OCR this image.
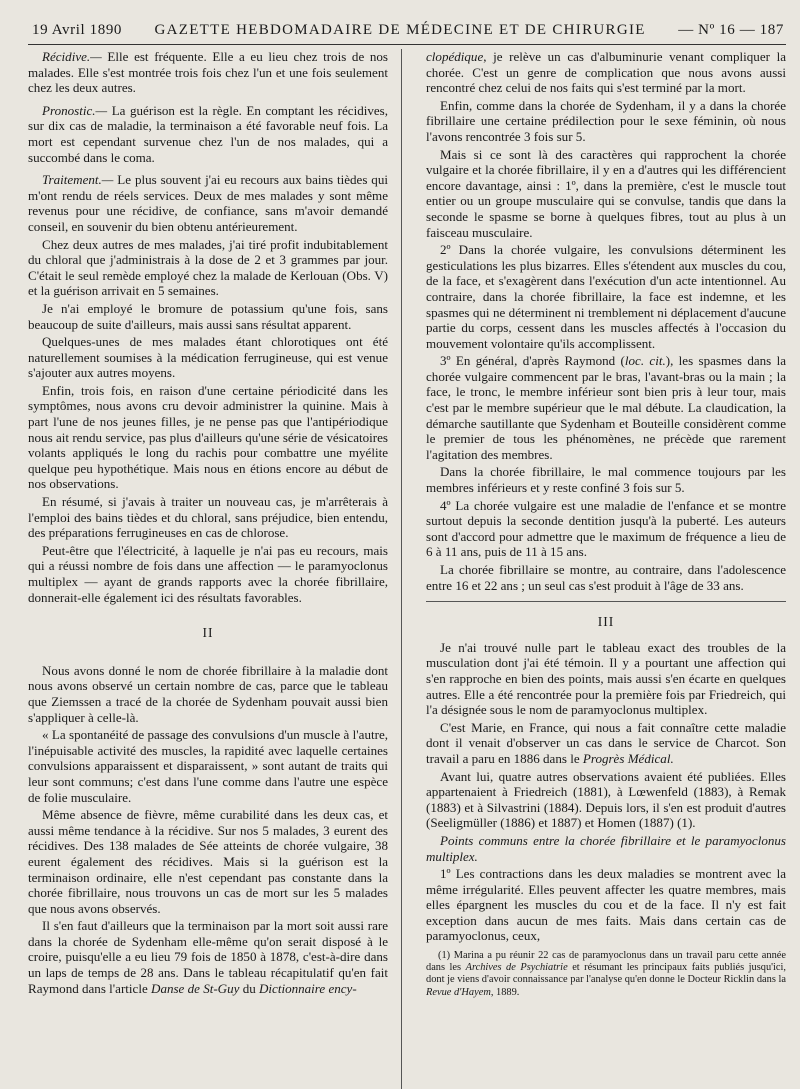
19 Avril 1890 GAZETTE HEBDOMADAIRE DE MÉDECINE ET DE CHIRURGIE — Nº 16 — 187

Récidive.— Elle est fréquente. Elle a eu lieu chez trois de nos malades. Elle s'est montrée trois fois chez l'un et une fois seulement chez les deux autres.

Pronostic.— La guérison est la règle. En comptant les récidives, sur dix cas de maladie, la terminaison a été favorable neuf fois. La mort est cependant survenue chez l'un de nos malades, qui a succombé dans le coma.

Traitement.— Le plus souvent j'ai eu recours aux bains tièdes qui m'ont rendu de réels services. Deux de mes malades y sont même revenus pour une récidive, de confiance, sans m'avoir demandé conseil, en souvenir du bien obtenu antérieurement.

Chez deux autres de mes malades, j'ai tiré profit indubitablement du chloral que j'administrais à la dose de 2 et 3 grammes par jour. C'était le seul remède employé chez la malade de Kerlouan (Obs. V) et la guérison arrivait en 5 semaines.

Je n'ai employé le bromure de potassium qu'une fois, sans beaucoup de suite d'ailleurs, mais aussi sans résultat apparent.

Quelques-unes de mes malades étant chlorotiques ont été naturellement soumises à la médication ferrugineuse, qui est venue s'ajouter aux autres moyens.

Enfin, trois fois, en raison d'une certaine périodicité dans les symptômes, nous avons cru devoir administrer la quinine. Mais à part l'une de nos jeunes filles, je ne pense pas que l'antipériodique nous ait rendu service, pas plus d'ailleurs qu'une série de vésicatoires volants appliqués le long du rachis pour combattre une myélite quelque peu hypothétique. Mais nous en étions encore au début de nos observations.

En résumé, si j'avais à traiter un nouveau cas, je m'arrêterais à l'emploi des bains tièdes et du chloral, sans préjudice, bien entendu, des préparations ferrugineuses en cas de chlorose.

Peut-être que l'électricité, à laquelle je n'ai pas eu recours, mais qui a réussi nombre de fois dans une affection — le paramyoclonus multiplex — ayant de grands rapports avec la chorée fibrillaire, donnerait-elle également ici des résultats favorables.

II

Nous avons donné le nom de chorée fibrillaire à la maladie dont nous avons observé un certain nombre de cas, parce que le tableau que Ziemssen a tracé de la chorée de Sydenham pouvait aussi bien s'appliquer à celle-là.

« La spontanéité de passage des convulsions d'un muscle à l'autre, l'inépuisable activité des muscles, la rapidité avec laquelle certaines convulsions apparaissent et disparaissent, » sont autant de traits qui leur sont communs; c'est dans l'une comme dans l'autre une espèce de folie musculaire.

Même absence de fièvre, même curabilité dans les deux cas, et aussi même tendance à la récidive. Sur nos 5 malades, 3 eurent des récidives. Des 138 malades de Sée atteints de chorée vulgaire, 38 eurent également des récidives. Mais si la guérison est la terminaison ordinaire, elle n'est cependant pas constante dans la chorée fibrillaire, nous trouvons un cas de mort sur les 5 malades que nous avons observés.

Il s'en faut d'ailleurs que la terminaison par la mort soit aussi rare dans la chorée de Sydenham elle-même qu'on serait disposé à le croire, puisqu'elle a eu lieu 79 fois de 1850 à 1878, c'est-à-dire dans un laps de temps de 28 ans. Dans le tableau récapitulatif qu'en fait Raymond dans l'article Danse de St-Guy du Dictionnaire ency-

clopédique, je relève un cas d'albuminurie venant compliquer la chorée. C'est un genre de complication que nous avons aussi rencontré chez celui de nos faits qui s'est terminé par la mort.

Enfin, comme dans la chorée de Sydenham, il y a dans la chorée fibrillaire une certaine prédilection pour le sexe féminin, où nous l'avons rencontrée 3 fois sur 5.

Mais si ce sont là des caractères qui rapprochent la chorée vulgaire et la chorée fibrillaire, il y en a d'autres qui les différencient encore davantage, ainsi : 1º, dans la première, c'est le muscle tout entier ou un groupe musculaire qui se convulse, tandis que dans la seconde le spasme se borne à quelques fibres, tout au plus à un faisceau musculaire.

2º Dans la chorée vulgaire, les convulsions déterminent les gesticulations les plus bizarres. Elles s'étendent aux muscles du cou, de la face, et s'exagèrent dans l'exécution d'un acte intentionnel. Au contraire, dans la chorée fibrillaire, la face est indemne, et les spasmes qui ne déterminent ni tremblement ni déplacement d'aucune partie du corps, cessent dans les muscles affectés à l'occasion du mouvement volontaire qu'ils accomplissent.

3º En général, d'après Raymond (loc. cit.), les spasmes dans la chorée vulgaire commencent par le bras, l'avant-bras ou la main ; la face, le tronc, le membre inférieur sont bien pris à leur tour, mais c'est par le membre supérieur que le mal débute. La claudication, la démarche sautillante que Sydenham et Bouteille considèrent comme le premier de tous les phénomènes, ne précède que rarement l'agitation des membres.

Dans la chorée fibrillaire, le mal commence toujours par les membres inférieurs et y reste confiné 3 fois sur 5.

4º La chorée vulgaire est une maladie de l'enfance et se montre surtout depuis la seconde dentition jusqu'à la puberté. Les auteurs sont d'accord pour admettre que le maximum de fréquence a lieu de 6 à 11 ans, puis de 11 à 15 ans.

La chorée fibrillaire se montre, au contraire, dans l'adolescence entre 16 et 22 ans ; un seul cas s'est produit à l'âge de 33 ans.

III

Je n'ai trouvé nulle part le tableau exact des troubles de la musculation dont j'ai été témoin. Il y a pourtant une affection qui s'en rapproche en bien des points, mais aussi s'en écarte en quelques autres. Elle a été rencontrée pour la première fois par Friedreich, qui l'a désignée sous le nom de paramyoclonus multiplex.

C'est Marie, en France, qui nous a fait connaître cette maladie dont il venait d'observer un cas dans le service de Charcot. Son travail a paru en 1886 dans le Progrès Médical.

Avant lui, quatre autres observations avaient été publiées. Elles appartenaient à Friedreich (1881), à Lœwenfeld (1883), à Remak (1883) et à Silvastrini (1884). Depuis lors, il s'en est produit d'autres (Seeligmüller (1886) et 1887) et Homen (1887) (1).

Points communs entre la chorée fibrillaire et le paramyoclonus multiplex.

1º Les contractions dans les deux maladies se montrent avec la même irrégularité. Elles peuvent affecter les quatre membres, mais elles épargnent les muscles du cou et de la face. Il n'y est fait exception dans aucun de mes faits. Mais dans certain cas de paramyoclonus, ceux,

(1) Marina a pu réunir 22 cas de paramyoclonus dans un travail paru cette année dans les Archives de Psychiatrie et résumant les principaux faits publiés jusqu'ici, dont je viens d'avoir connaissance par l'analyse qu'en donne le Docteur Ricklin dans la Revue d'Hayem, 1889.
